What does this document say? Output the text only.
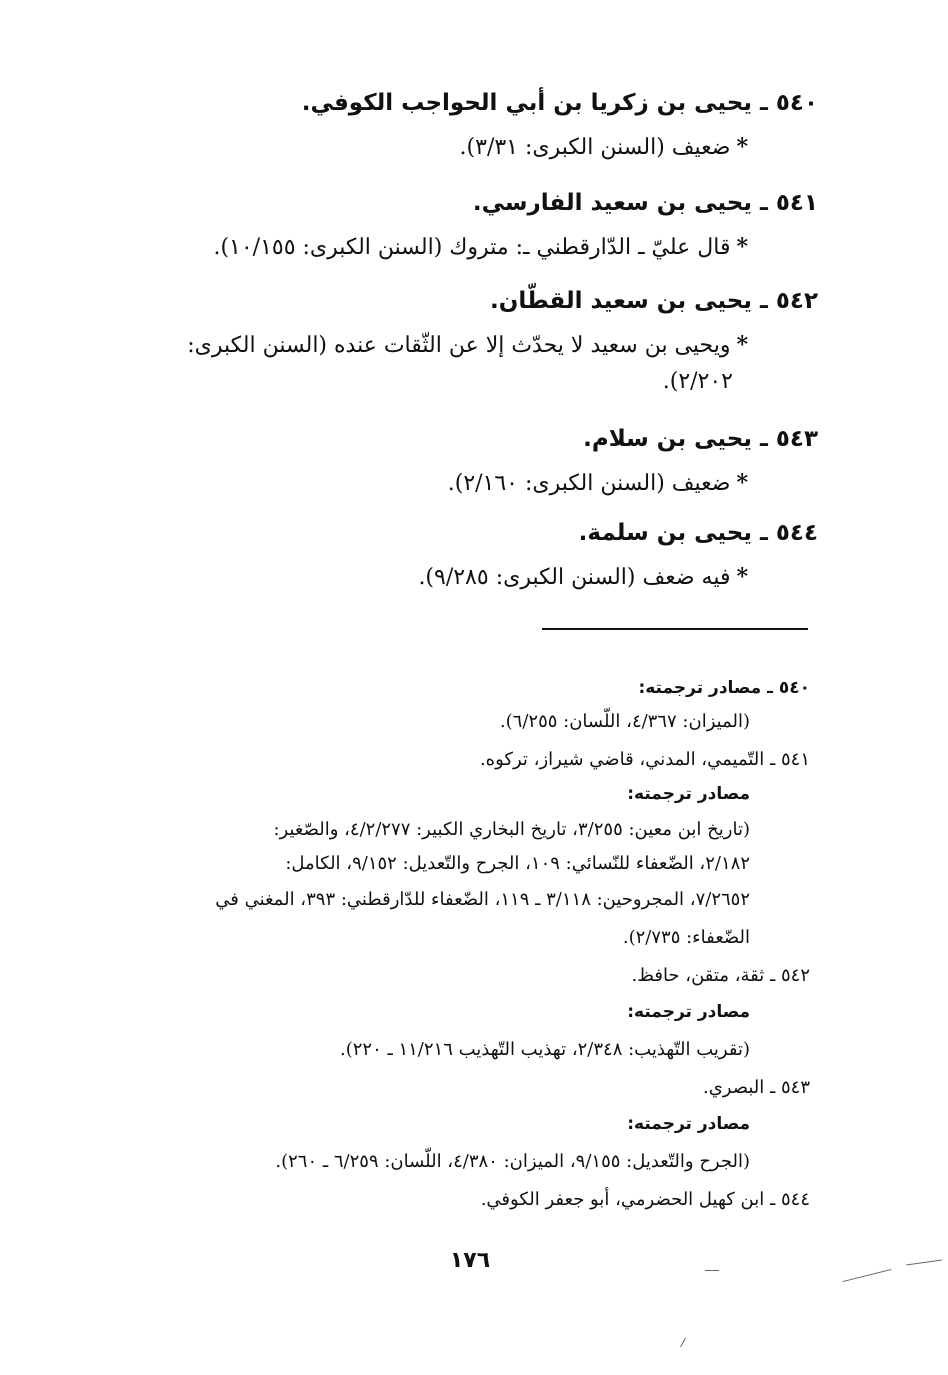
٥٤٠ ـ يحيى بن زكريا بن أبي الحواجب الكوفي.
*ضعيف (السنن الكبرى: ٣/٣١).
٥٤١ ـ يحيى بن سعيد الفارسي.
*قال عليّ ـ الدّارقطني ـ: متروك (السنن الكبرى: ١٠/١٥٥).
٥٤٢ ـ يحيى بن سعيد القطّان.
*ويحيى بن سعيد لا يحدّث إلا عن الثّقات عنده (السنن الكبرى:
٢/٢٠٢).
٥٤٣ ـ يحيى بن سلام.
*ضعيف (السنن الكبرى: ٢/١٦٠).
٥٤٤ ـ يحيى بن سلمة.
*فيه ضعف (السنن الكبرى: ٩/٢٨٥).
٥٤٠ ـ مصادر ترجمته:
(الميزان: ٤/٣٦٧، اللّسان: ٦/٢٥٥).
٥٤١ ـ التّميمي، المدني، قاضي شيراز، تركوه.
مصادر ترجمته:
(تاريخ ابن معين: ٣/٢٥٥، تاريخ البخاري الكبير: ٤/٢/٢٧٧، والصّغير:
٢/١٨٢، الضّعفاء للنّسائي: ١٠٩، الجرح والتّعديل: ٩/١٥٢، الكامل:
٧/٢٦٥٢، المجروحين: ٣/١١٨ ـ ١١٩، الضّعفاء للدّارقطني: ٣٩٣، المغني في
الضّعفاء: ٢/٧٣٥).
٥٤٢ ـ ثقة، متقن، حافظ.
مصادر ترجمته:
(تقريب التّهذيب: ٢/٣٤٨، تهذيب التّهذيب ١١/٢١٦ ـ ٢٢٠).
٥٤٣ ـ البصري.
مصادر ترجمته:
(الجرح والتّعديل: ٩/١٥٥، الميزان: ٤/٣٨٠، اللّسان: ٦/٢٥٩ ـ ٢٦٠).
٥٤٤ ـ ابن كهيل الحضرمي، أبو جعفر الكوفي.
١٧٦
